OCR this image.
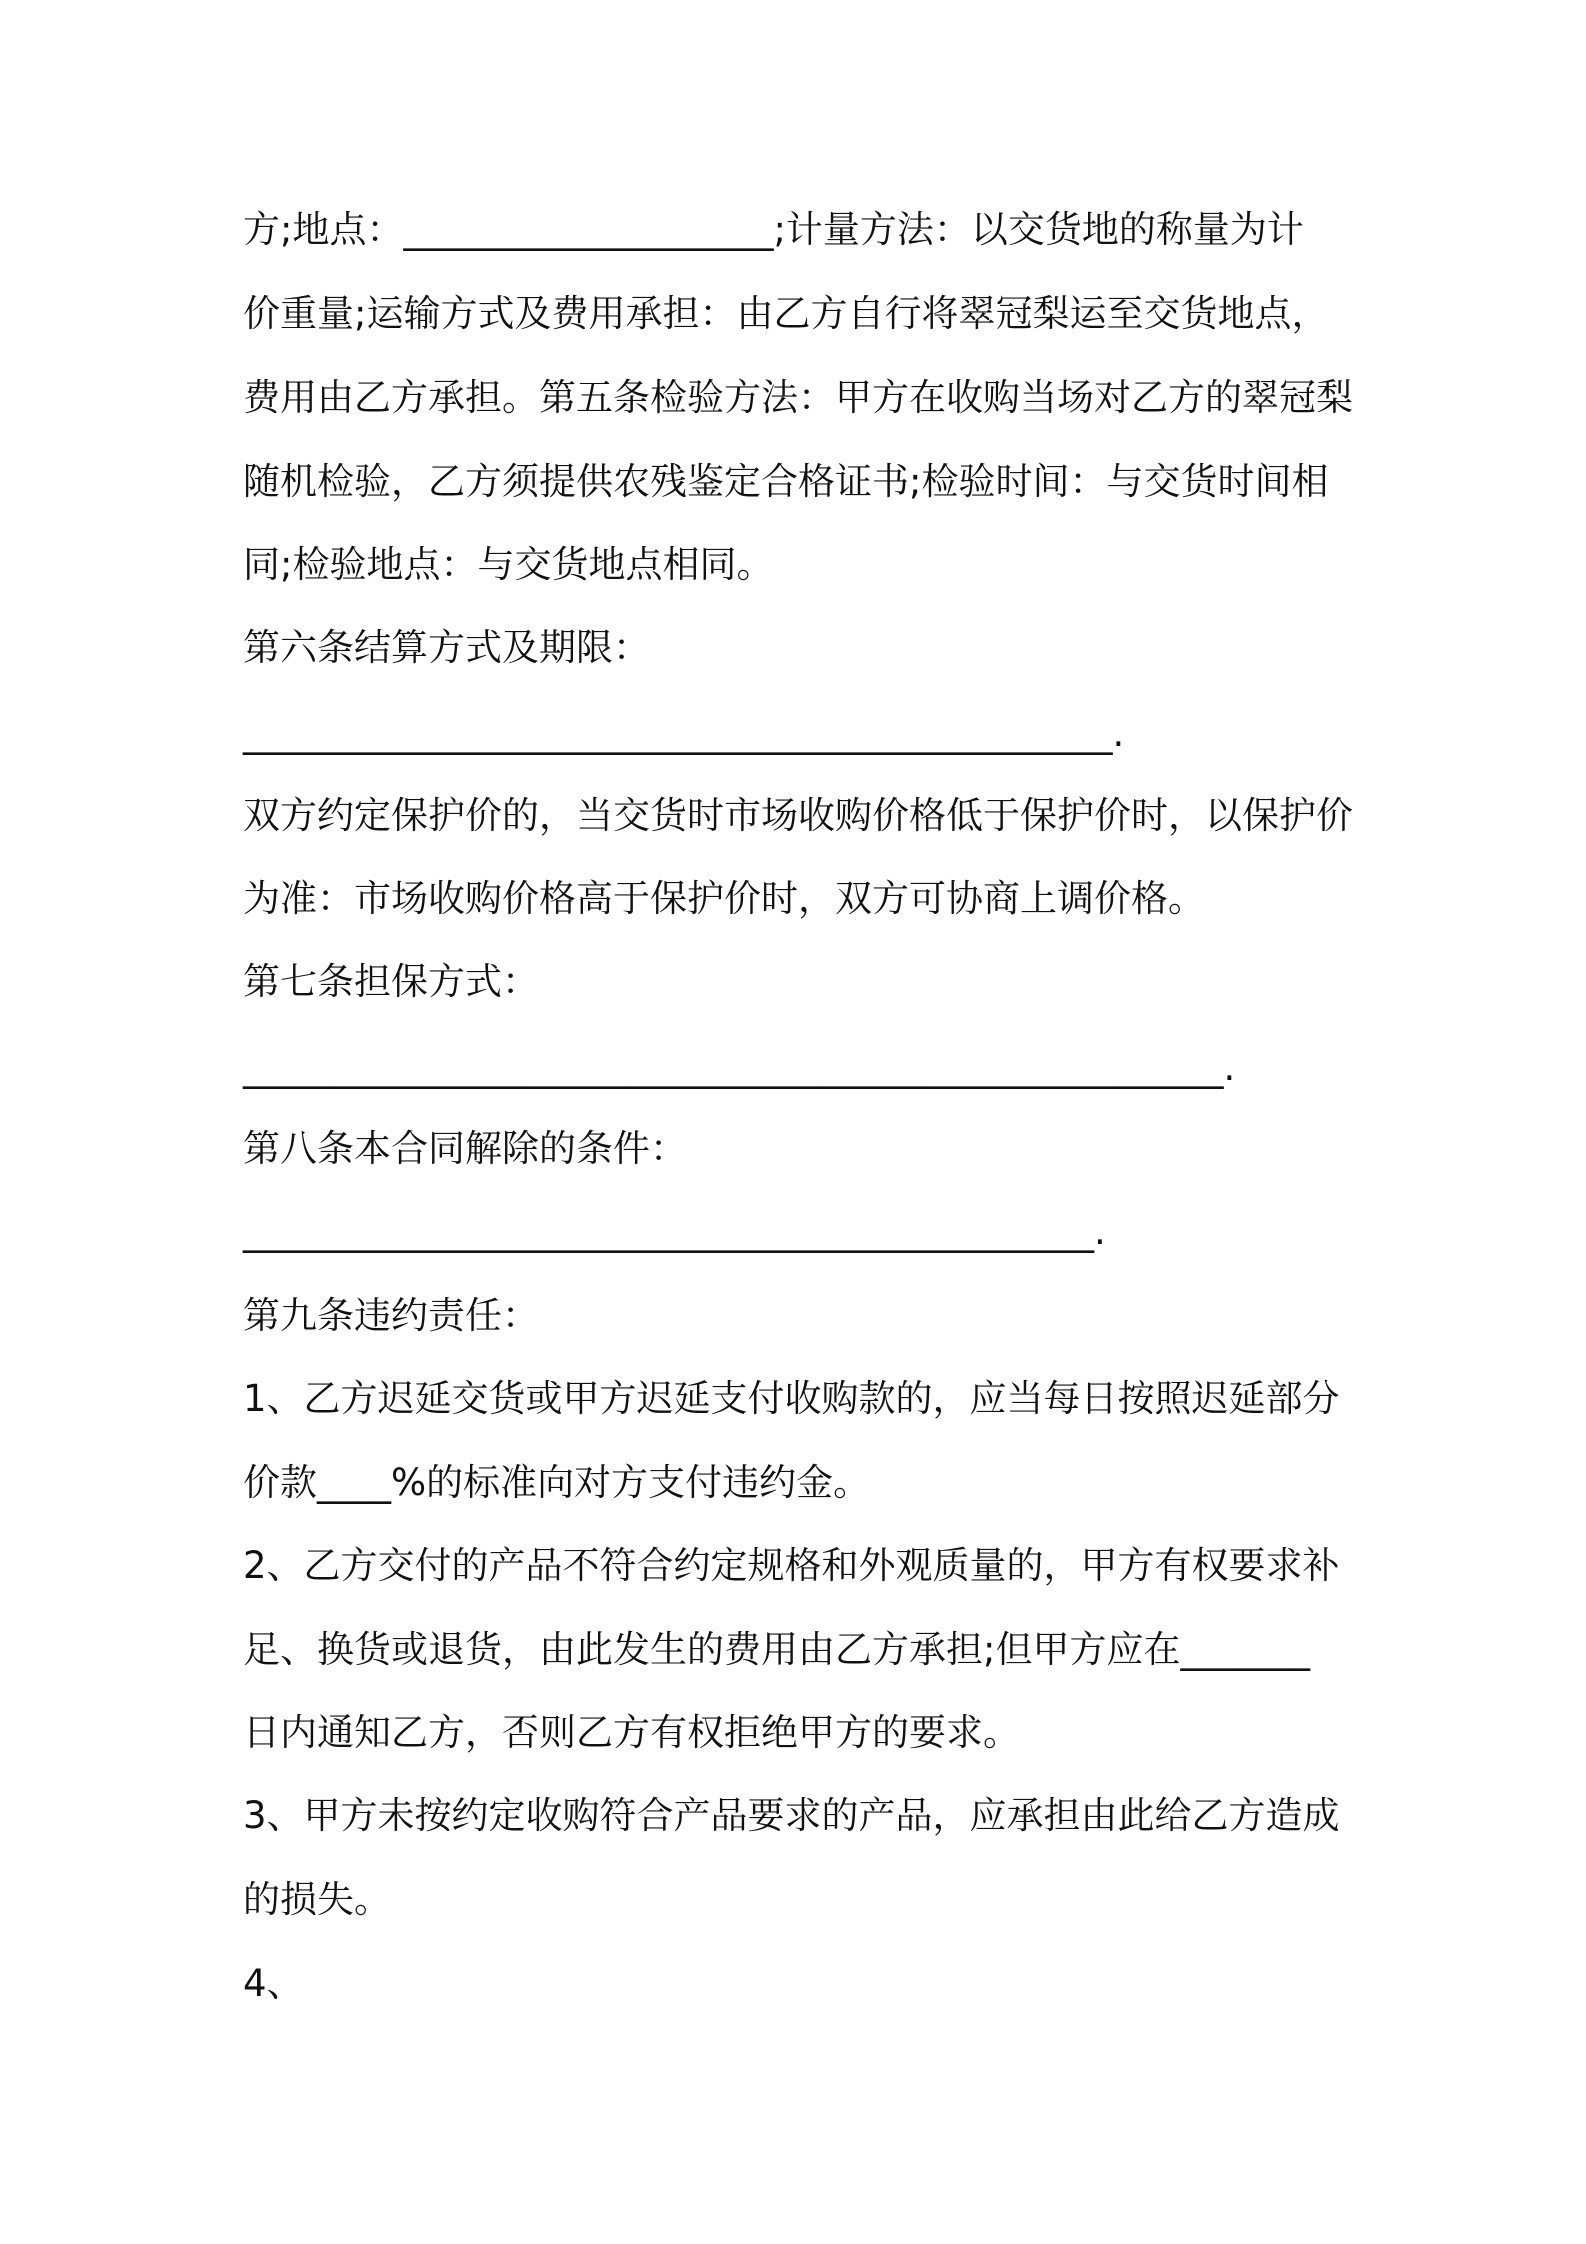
方;地点：____________________;计量方法：以交货地的称量为计
价重量;运输方式及费用承担：由乙方自行将翠冠梨运至交货地点，
费用由乙方承担。第五条检验方法：甲方在收购当场对乙方的翠冠梨
随机检验，乙方须提供农残鉴定合格证书;检验时间：与交货时间相
同;检验地点：与交货地点相同。
第六条结算方式及期限：
_______________________________________________.
双方约定保护价的，当交货时市场收购价格低于保护价时，以保护价
为准：市场收购价格高于保护价时，双方可协商上调价格。
第七条担保方式：
_____________________________________________________.
第八条本合同解除的条件：
______________________________________________.
第九条违约责任：
1、乙方迟延交货或甲方迟延支付收购款的，应当每日按照迟延部分
价款____%的标准向对方支付违约金。
2、乙方交付的产品不符合约定规格和外观质量的，甲方有权要求补
足、换货或退货，由此发生的费用由乙方承担;但甲方应在_______
日内通知乙方，否则乙方有权拒绝甲方的要求。
3、甲方未按约定收购符合产品要求的产品，应承担由此给乙方造成
的损失。
4、
